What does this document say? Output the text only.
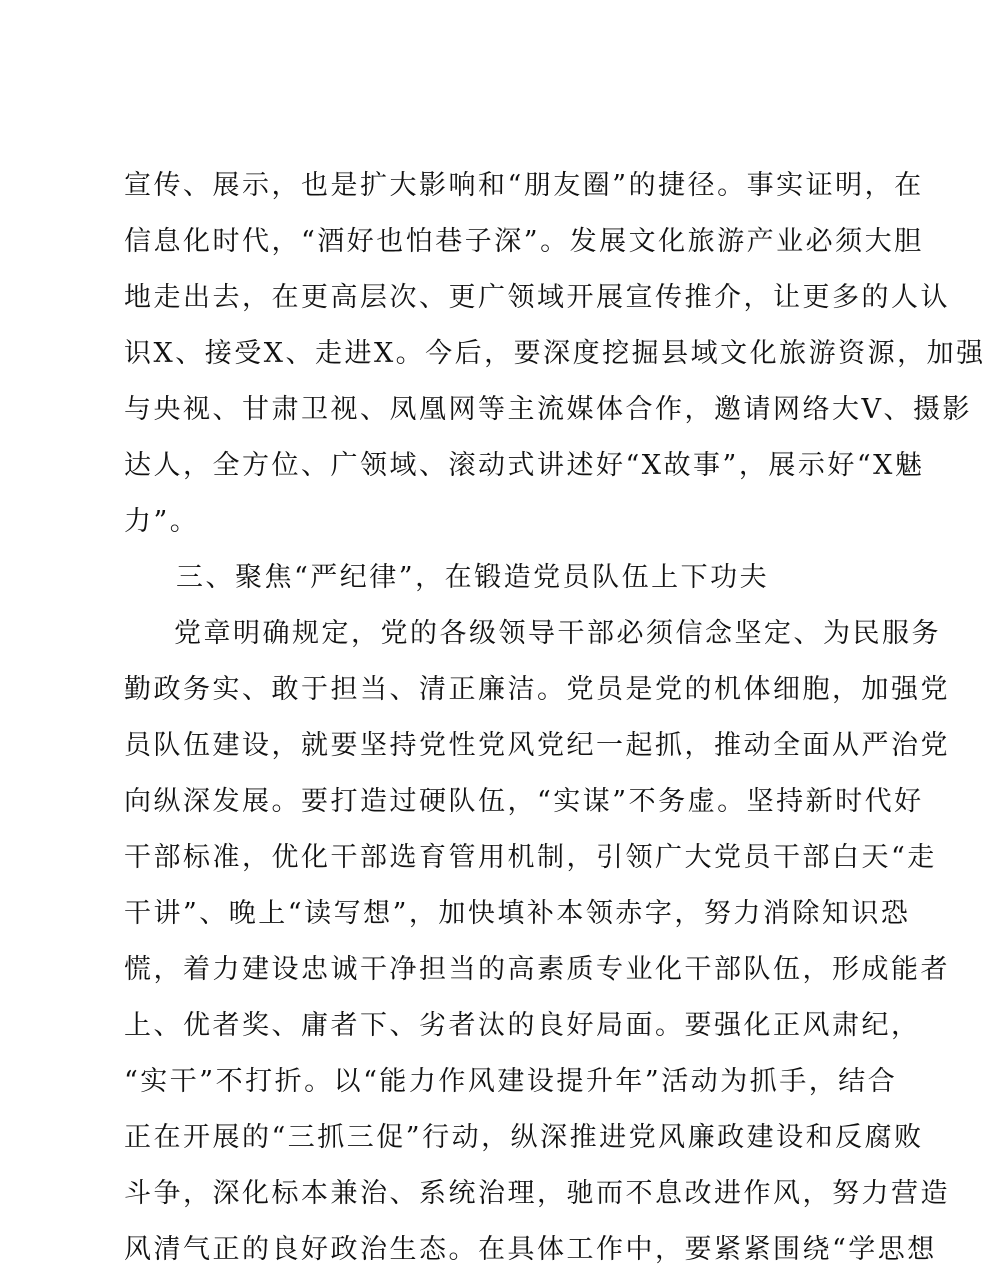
宣传、展示，也是扩大影响和“朋友圈”的捷径。事实证明，在
信息化时代，“酒好也怕巷子深”。发展文化旅游产业必须大胆
地走出去，在更高层次、更广领域开展宣传推介，让更多的人认
识X、接受X、走进X。今后，要深度挖掘县域文化旅游资源，加强
与央视、甘肃卫视、凤凰网等主流媒体合作，邀请网络大V、摄影
达人，全方位、广领域、滚动式讲述好“X故事”，展示好“X魅
力”。
三、聚焦“严纪律”，在锻造党员队伍上下功夫
党章明确规定，党的各级领导干部必须信念坚定、为民服务
勤政务实、敢于担当、清正廉洁。党员是党的机体细胞，加强党
员队伍建设，就要坚持党性党风党纪一起抓，推动全面从严治党
向纵深发展。要打造过硬队伍，“实谋”不务虚。坚持新时代好
干部标准，优化干部选育管用机制，引领广大党员干部白天“走
干讲”、晚上“读写想”，加快填补本领赤字，努力消除知识恐
慌，着力建设忠诚干净担当的高素质专业化干部队伍，形成能者
上、优者奖、庸者下、劣者汰的良好局面。要强化正风肃纪，
“实干”不打折。以“能力作风建设提升年”活动为抓手，结合
正在开展的“三抓三促”行动，纵深推进党风廉政建设和反腐败
斗争，深化标本兼治、系统治理，驰而不息改进作风，努力营造
风清气正的良好政治生态。在具体工作中，要紧紧围绕“学思想
